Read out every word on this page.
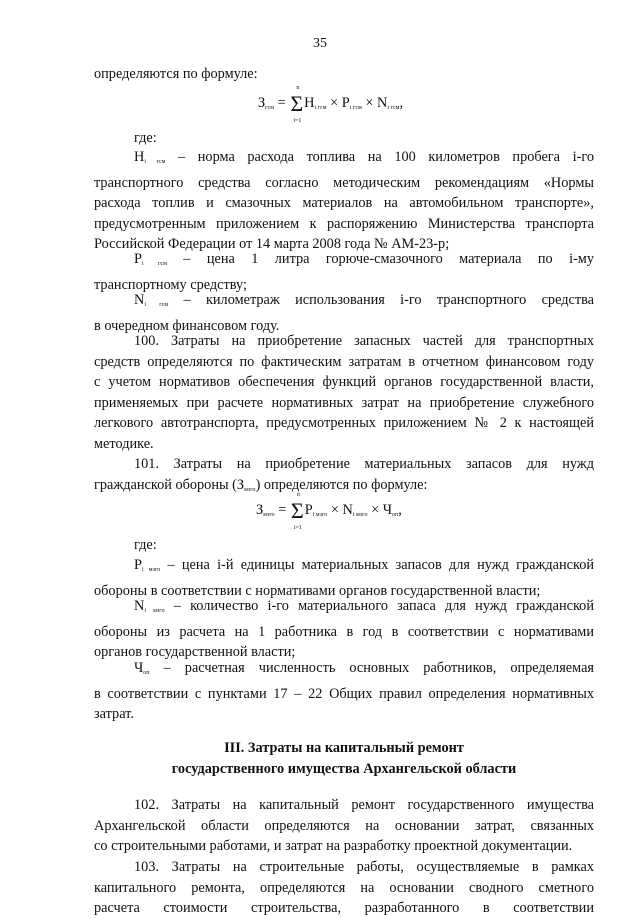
35

определяются по формуле:

$З_{гсм} = \Sigma$
n
i=1
$Н_{i гсм} \times Р_{i гсм} \times N_{i гсм}$,

где:

$Н_{i гсм}$ – норма расхода топлива на 100 километров пробега i-го

транспортного средства согласно методическим рекомендациям «Нормы

расхода топлив и смазочных материалов на автомобильном транспорте»,

предусмотренным приложением к распоряжению Министерства транспорта

Российской Федерации от 14 марта 2008 года № АМ-23-р;

$Р_{i гсм}$ – цена 1 литра горюче-смазочного материала по i-му

транспортному средству;

$N_{i гсм}$ – километраж использования i-го транспортного средства

в очередном финансовом году.

100. Затраты на приобретение запасных частей для транспортных

средств определяются по фактическим затратам в отчетном финансовом году

с учетом нормативов обеспечения функций органов государственной власти,

применяемых при расчете нормативных затрат на приобретение служебного

легкового автотранспорта, предусмотренных приложением № 2 к настоящей

методике.

101. Затраты на приобретение материальных запасов для нужд

гражданской обороны $(З_{мзго})$ определяются по формуле:

$З_{мзго} = \Sigma$
n
i=1
$Р_{i мзго} \times N_{i мзго} \times Ч_{оп}$,

где:

$Р_{i мзго}$ – цена i-й единицы материальных запасов для нужд гражданской

обороны в соответствии с нормативами органов государственной власти;

$N_{i мзго}$ – количество i-го материального запаса для нужд гражданской

обороны из расчета на 1 работника в год в соответствии с нормативами

органов государственной власти;

$Ч_{оп}$ – расчетная численность основных работников, определяемая

в соответствии с пунктами 17 – 22 Общих правил определения нормативных

затрат.

III. Затраты на капитальный ремонт

государственного имущества Архангельской области

102. Затраты на капитальный ремонт государственного имущества

Архангельской области определяются на основании затрат, связанных

со строительными работами, и затрат на разработку проектной документации.

103. Затраты на строительные работы, осуществляемые в рамках

капитального ремонта, определяются на основании сводного сметного

расчета стоимости строительства, разработанного в соответствии
